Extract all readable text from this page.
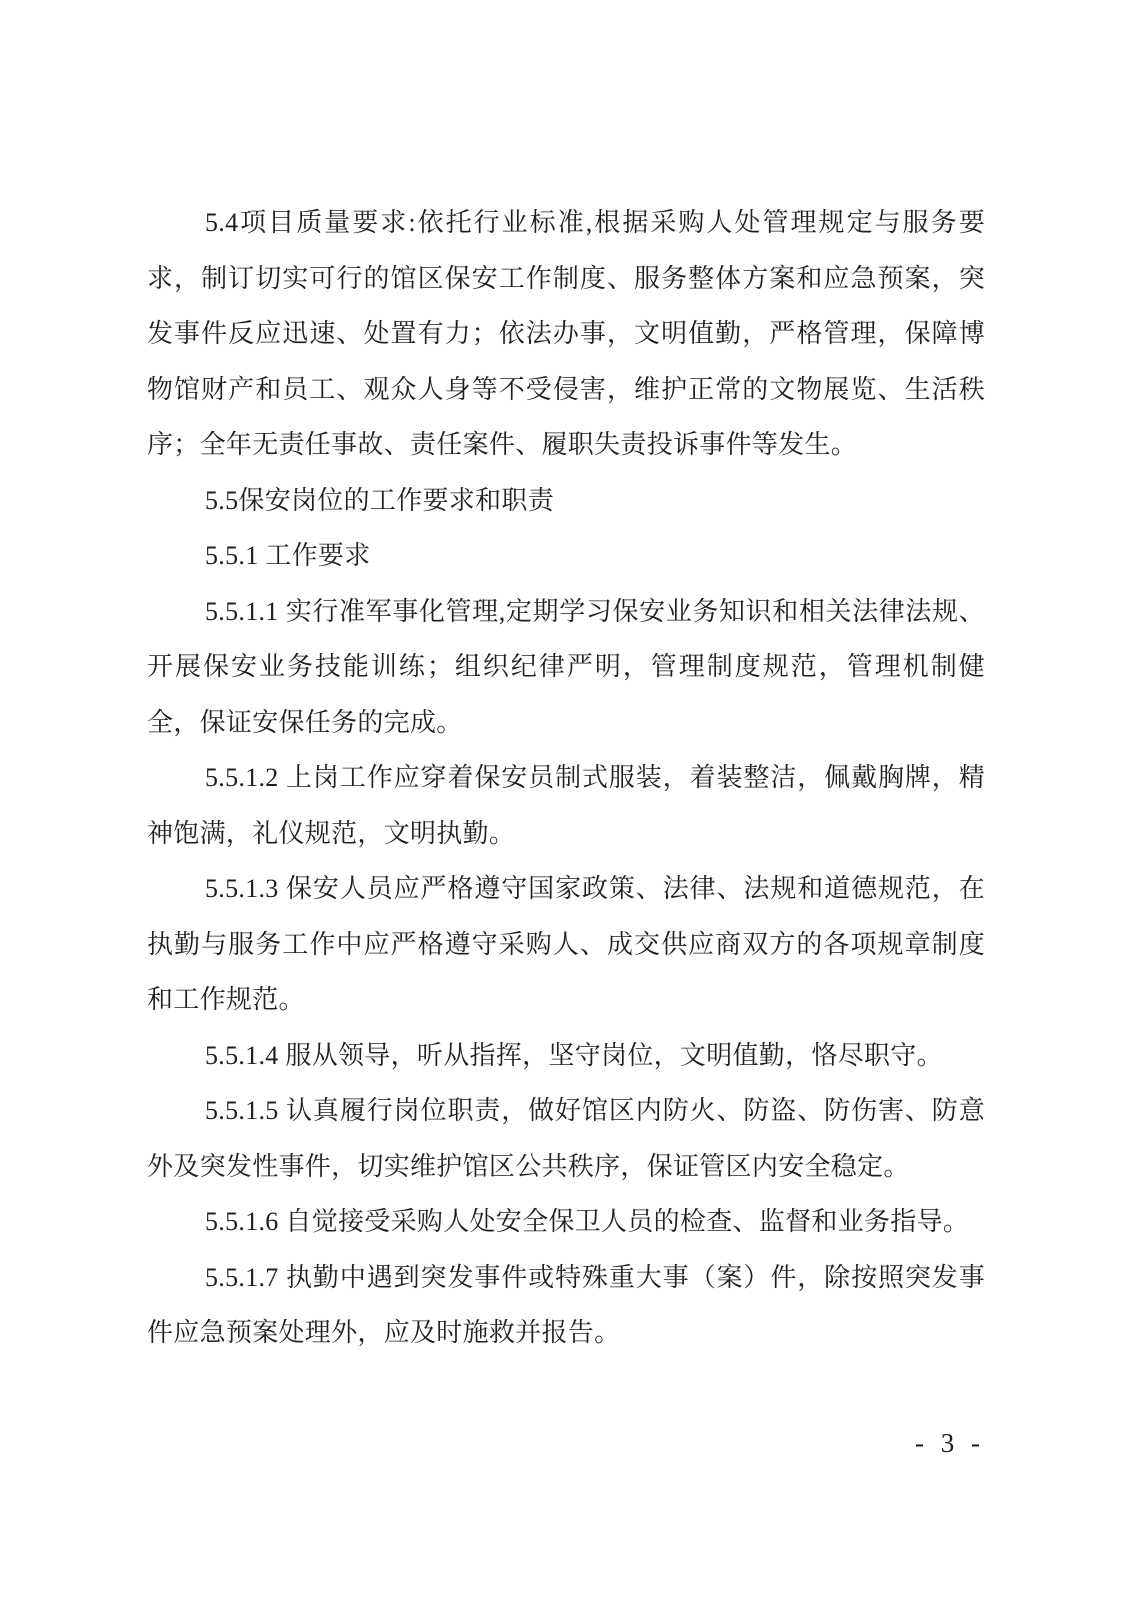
5.4项目质量要求:依托行业标准,根据采购人处管理规定与服务要求，制订切实可行的馆区保安工作制度、服务整体方案和应急预案，突发事件反应迅速、处置有力；依法办事，文明值勤，严格管理，保障博物馆财产和员工、观众人身等不受侵害，维护正常的文物展览、生活秩序；全年无责任事故、责任案件、履职失责投诉事件等发生。

5.5保安岗位的工作要求和职责

5.5.1 工作要求

5.5.1.1 实行准军事化管理,定期学习保安业务知识和相关法律法规、开展保安业务技能训练；组织纪律严明，管理制度规范，管理机制健全，保证安保任务的完成。

5.5.1.2 上岗工作应穿着保安员制式服装，着装整洁，佩戴胸牌，精神饱满，礼仪规范，文明执勤。

5.5.1.3 保安人员应严格遵守国家政策、法律、法规和道德规范，在执勤与服务工作中应严格遵守采购人、成交供应商双方的各项规章制度和工作规范。

5.5.1.4 服从领导，听从指挥，坚守岗位，文明值勤，恪尽职守。

5.5.1.5 认真履行岗位职责，做好馆区内防火、防盗、防伤害、防意外及突发性事件，切实维护馆区公共秩序，保证管区内安全稳定。

5.5.1.6 自觉接受采购人处安全保卫人员的检查、监督和业务指导。

5.5.1.7 执勤中遇到突发事件或特殊重大事（案）件，除按照突发事件应急预案处理外，应及时施救并报告。

- 3 -
